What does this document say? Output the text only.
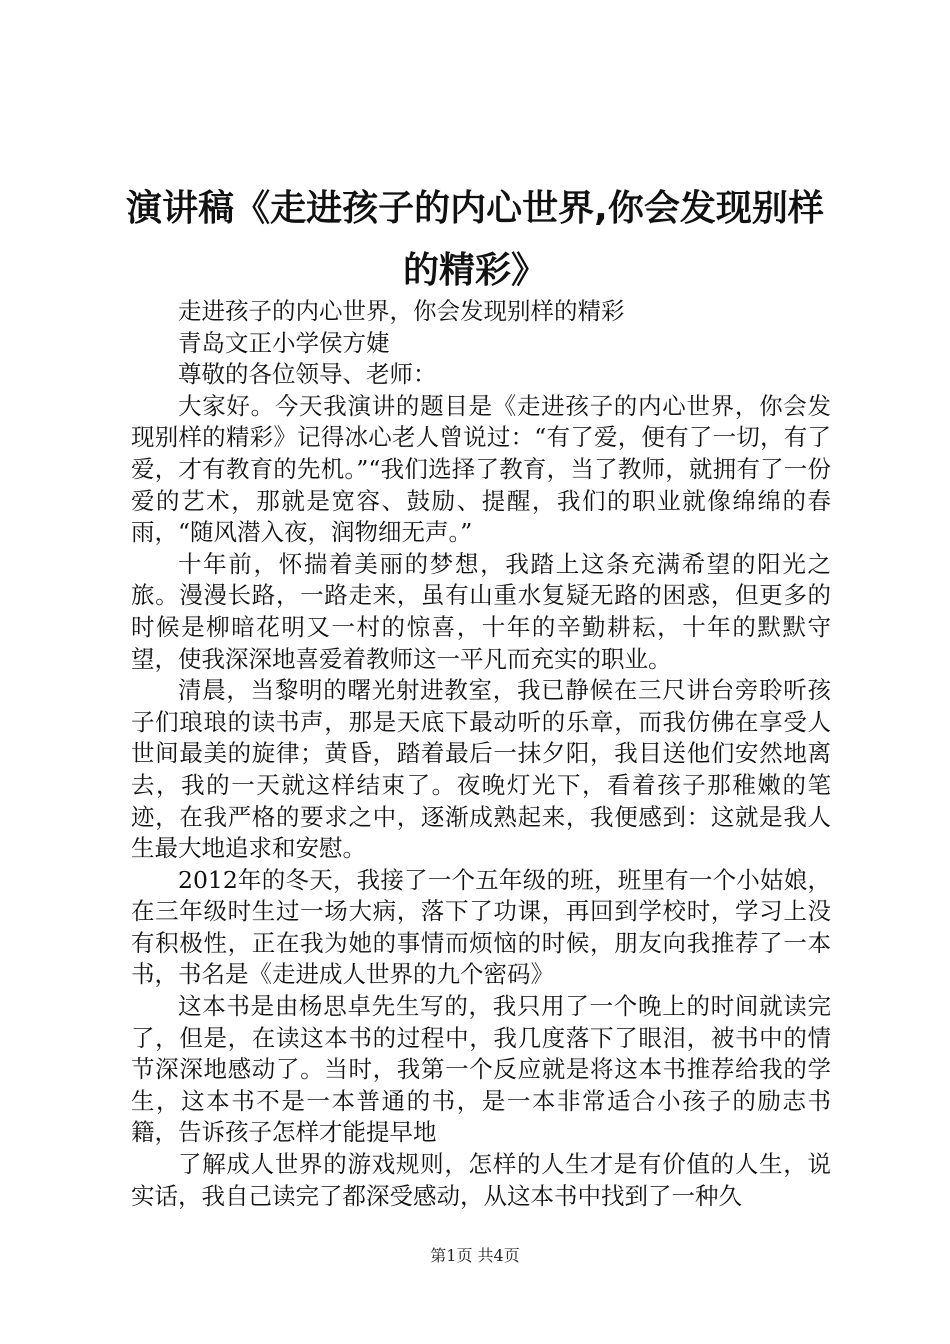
演讲稿《走进孩子的内心世界,你会发现别样的精彩》

走进孩子的内心世界，你会发现别样的精彩

青岛文正小学侯方婕

尊敬的各位领导、老师：

大家好。今天我演讲的题目是《走进孩子的内心世界，你会发现别样的精彩》记得冰心老人曾说过：“有了爱，便有了一切，有了爱，才有教育的先机。”“我们选择了教育，当了教师，就拥有了一份爱的艺术，那就是宽容、鼓励、提醒，我们的职业就像绵绵的春雨，“随风潜入夜，润物细无声。”

十年前，怀揣着美丽的梦想，我踏上这条充满希望的阳光之旅。漫漫长路，一路走来，虽有山重水复疑无路的困惑，但更多的时候是柳暗花明又一村的惊喜，十年的辛勤耕耘，十年的默默守望，使我深深地喜爱着教师这一平凡而充实的职业。

清晨，当黎明的曙光射进教室，我已静候在三尺讲台旁聆听孩子们琅琅的读书声，那是天底下最动听的乐章，而我仿佛在享受人世间最美的旋律；黄昏，踏着最后一抹夕阳，我目送他们安然地离去，我的一天就这样结束了。夜晚灯光下，看着孩子那稚嫩的笔迹，在我严格的要求之中，逐渐成熟起来，我便感到：这就是我人生最大地追求和安慰。

2012年的冬天，我接了一个五年级的班，班里有一个小姑娘，在三年级时生过一场大病，落下了功课，再回到学校时，学习上没有积极性，正在我为她的事情而烦恼的时候，朋友向我推荐了一本书，书名是《走进成人世界的九个密码》

这本书是由杨思卓先生写的，我只用了一个晚上的时间就读完了，但是，在读这本书的过程中，我几度落下了眼泪，被书中的情节深深地感动了。当时，我第一个反应就是将这本书推荐给我的学生，这本书不是一本普通的书，是一本非常适合小孩子的励志书籍，告诉孩子怎样才能提早地

了解成人世界的游戏规则，怎样的人生才是有价值的人生，说实话，我自己读完了都深受感动，从这本书中找到了一种久

第1页 共4页
